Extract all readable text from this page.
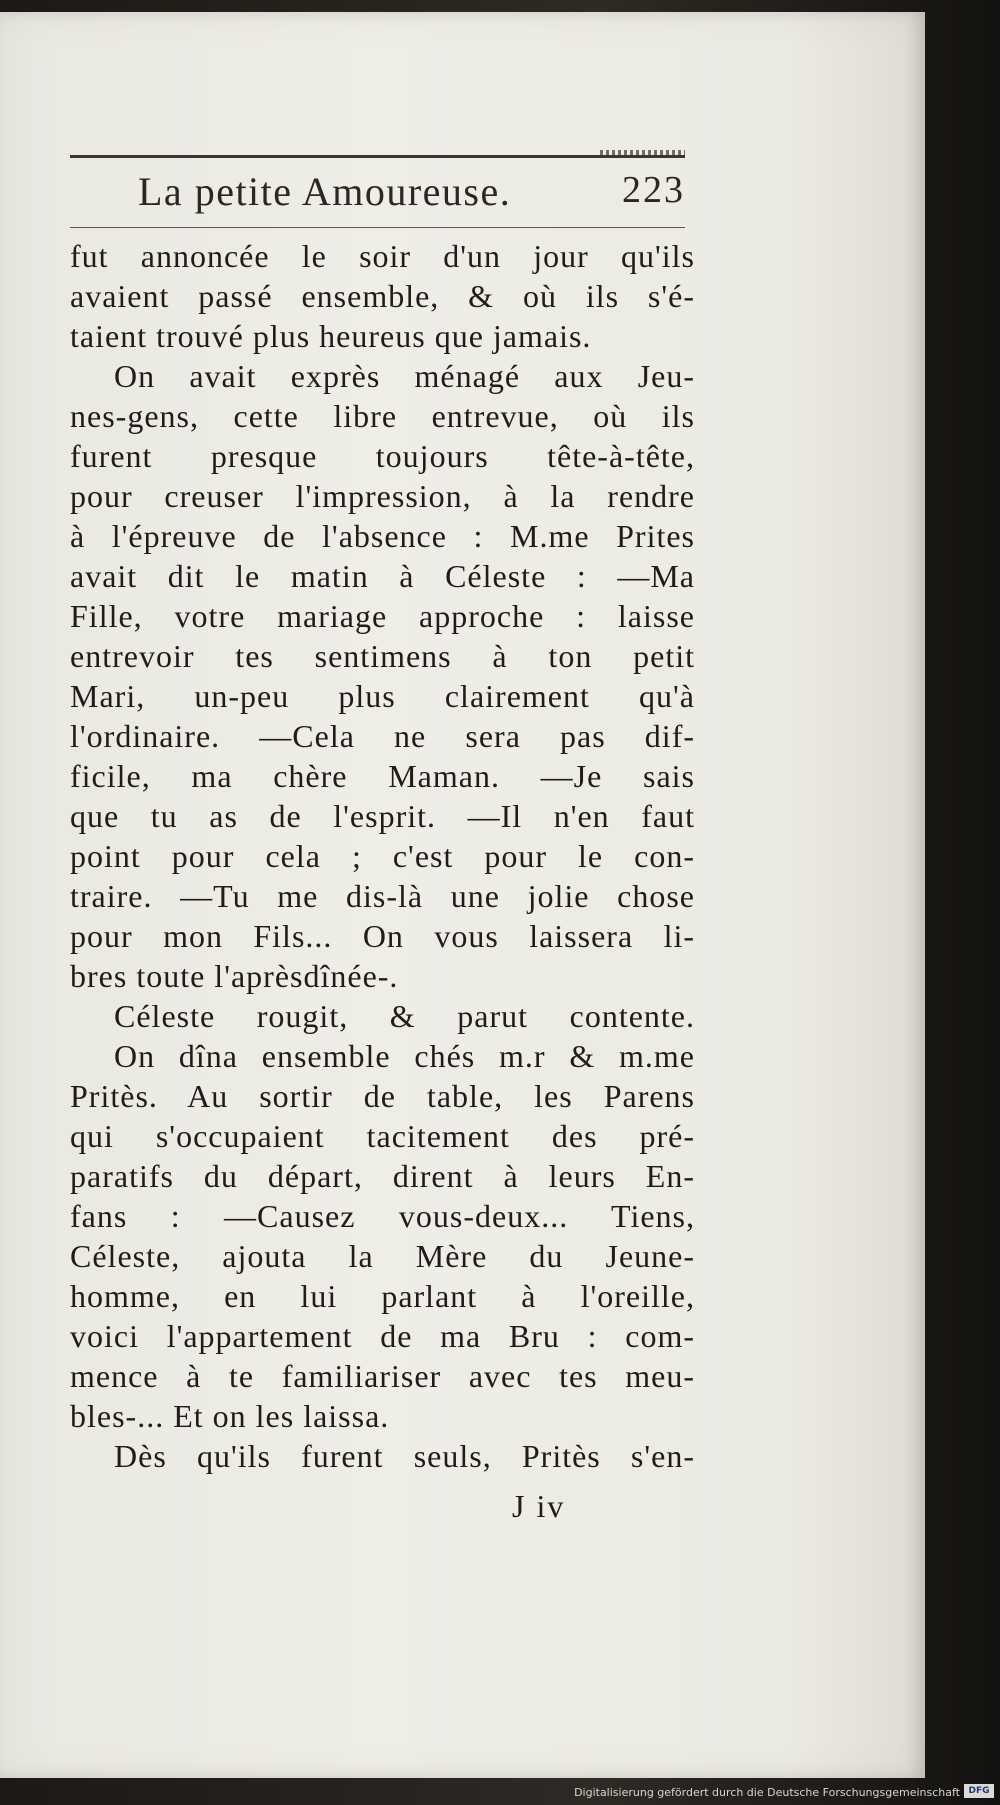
La petite Amoureuse.	223
fut annoncée le soir d'un jour qu'ils
avaient passé ensemble, & où ils s'é-
taient trouvé plus heureus que jamais.
On avait exprès ménagé aux Jeu-
nes-gens, cette libre entrevue, où ils
furent presque toujours tête-à-tête,
pour creuser l'impression, à la rendre
à l'épreuve de l'absence : M.me Prites
avait dit le matin à Céleste : —Ma
Fille, votre mariage approche : laisse
entrevoir tes sentimens à ton petit
Mari, un-peu plus clairement qu'à
l'ordinaire. —Cela ne sera pas dif-
ficile, ma chère Maman. —Je sais
que tu as de l'esprit. —Il n'en faut
point pour cela ; c'est pour le con-
traire. —Tu me dis-là une jolie chose
pour mon Fils... On vous laissera li-
bres toute l'aprèsdînée-.
Céleste rougit, & parut contente.
On dîna ensemble chés m.r & m.me
Pritès. Au sortir de table, les Parens
qui s'occupaient tacitement des pré-
paratifs du départ, dirent à leurs En-
fans : —Causez vous-deux... Tiens,
Céleste, ajouta la Mère du Jeune-
homme, en lui parlant à l'oreille,
voici l'appartement de ma Bru : com-
mence à te familiariser avec tes meu-
bles-... Et on les laissa.
Dès qu'ils furent seuls, Pritès s'en-
J iv
Digitalisierung gefördert durch die Deutsche Forschungsgemeinschaft DFG
